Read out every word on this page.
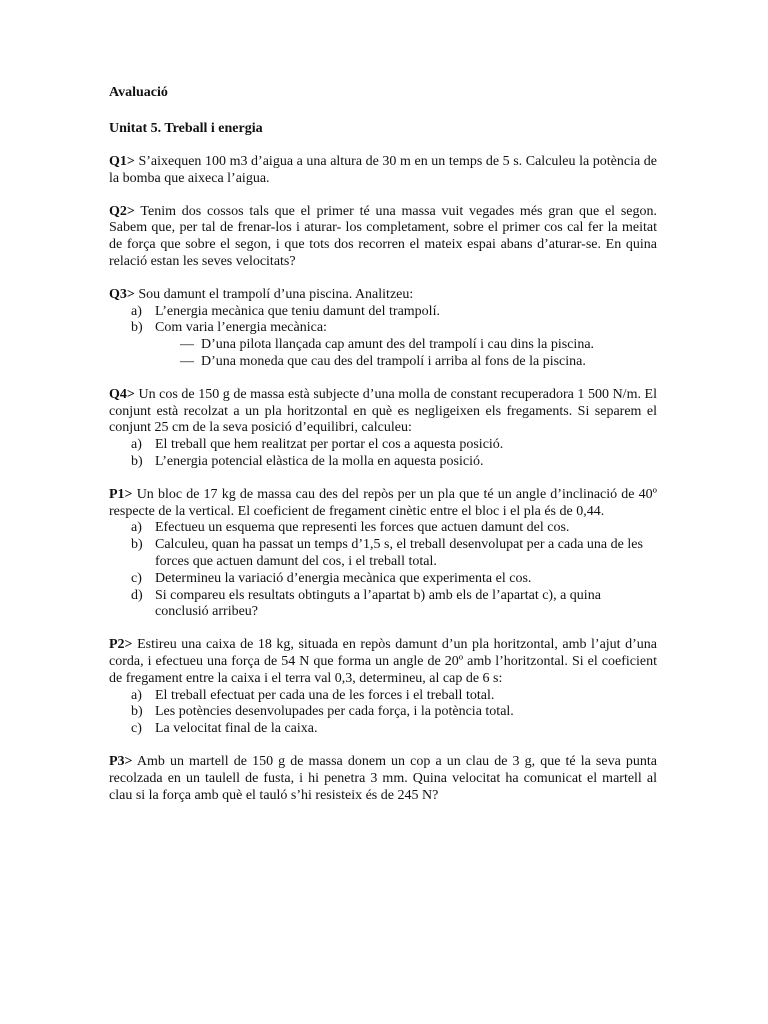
Avaluació
Unitat 5. Treball i energia

Q1> S’aixequen 100 m3 d’aigua a una altura de 30 m en un temps de 5 s. Calculeu la potència de la bomba que aixeca l’aigua.

Q2> Tenim dos cossos tals que el primer té una massa vuit vegades més gran que el segon. Sabem que, per tal de frenar-los i aturar- los completament, sobre el primer cos cal fer la meitat de força que sobre el segon, i que tots dos recorren el mateix espai abans d’aturar-se. En quina relació estan les seves velocitats?

Q3> Sou damunt el trampolí d’una piscina. Analitzeu:

a) L’energia mecànica que teniu damunt del trampolí.
b) Com varia l’energia mecànica:
— D’una pilota llançada cap amunt des del trampolí i cau dins la piscina.
— D’una moneda que cau des del trampolí i arriba al fons de la piscina.

Q4> Un cos de 150 g de massa està subjecte d’una molla de constant recuperadora 1 500 N/m. El conjunt està recolzat a un pla horitzontal en què es negligeixen els fregaments. Si separem el conjunt 25 cm de la seva posició d’equilibri, calculeu:

a) El treball que hem realitzat per portar el cos a aquesta posició.
b) L’energia potencial elàstica de la molla en aquesta posició.

P1> Un bloc de 17 kg de massa cau des del repòs per un pla que té un angle d’inclinació de 40º respecte de la vertical. El coeficient de fregament cinètic entre el bloc i el pla és de 0,44.

a) Efectueu un esquema que representi les forces que actuen damunt del cos.
b) Calculeu, quan ha passat un temps d’1,5 s, el treball desenvolupat per a cada una de les forces que actuen damunt del cos, i el treball total.
c) Determineu la variació d’energia mecànica que experimenta el cos.
d) Si compareu els resultats obtinguts a l’apartat b) amb els de l’apartat c), a quina conclusió arribeu?

P2> Estireu una caixa de 18 kg, situada en repòs damunt d’un pla horitzontal, amb l’ajut d’una corda, i efectueu una força de 54 N que forma un angle de 20º amb l’horitzontal. Si el coeficient de fregament entre la caixa i el terra val 0,3, determineu, al cap de 6 s:

a) El treball efectuat per cada una de les forces i el treball total.
b) Les potències desenvolupades per cada força, i la potència total.
c) La velocitat final de la caixa.

P3> Amb un martell de 150 g de massa donem un cop a un clau de 3 g, que té la seva punta recolzada en un taulell de fusta, i hi penetra 3 mm. Quina velocitat ha comunicat el martell al clau si la força amb què el tauló s’hi resisteix és de 245 N?
